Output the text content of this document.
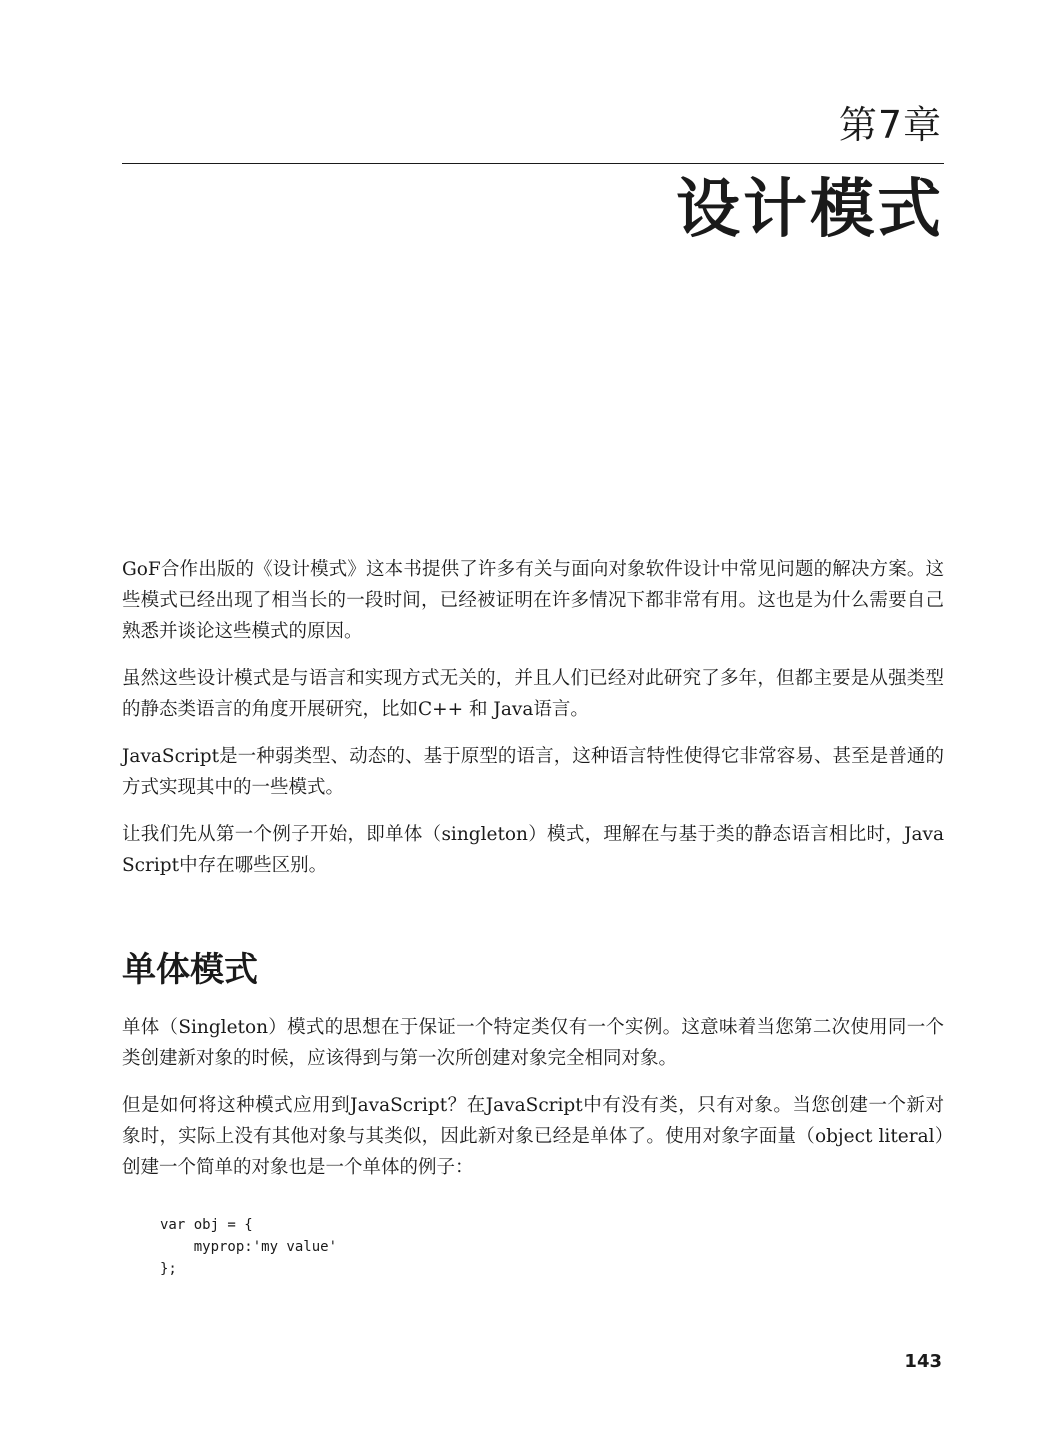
第7章
设计模式

GoF合作出版的《设计模式》这本书提供了许多有关与面向对象软件设计中常见问题的解决方案。这些模式已经出现了相当长的一段时间，已经被证明在许多情况下都非常有用。这也是为什么需要自己熟悉并谈论这些模式的原因。

虽然这些设计模式是与语言和实现方式无关的，并且人们已经对此研究了多年，但都主要是从强类型的静态类语言的角度开展研究，比如C++ 和 Java语言。

JavaScript是一种弱类型、动态的、基于原型的语言，这种语言特性使得它非常容易、甚至是普通的方式实现其中的一些模式。

让我们先从第一个例子开始，即单体（singleton）模式，理解在与基于类的静态语言相比时，JavaScript中存在哪些区别。

单体模式

单体（Singleton）模式的思想在于保证一个特定类仅有一个实例。这意味着当您第二次使用同一个类创建新对象的时候，应该得到与第一次所创建对象完全相同对象。

但是如何将这种模式应用到JavaScript？在JavaScript中有没有类，只有对象。当您创建一个新对象时，实际上没有其他对象与其类似，因此新对象已经是单体了。使用对象字面量（object literal）创建一个简单的对象也是一个单体的例子：

var obj = {
myprop:'my value'
};
143
